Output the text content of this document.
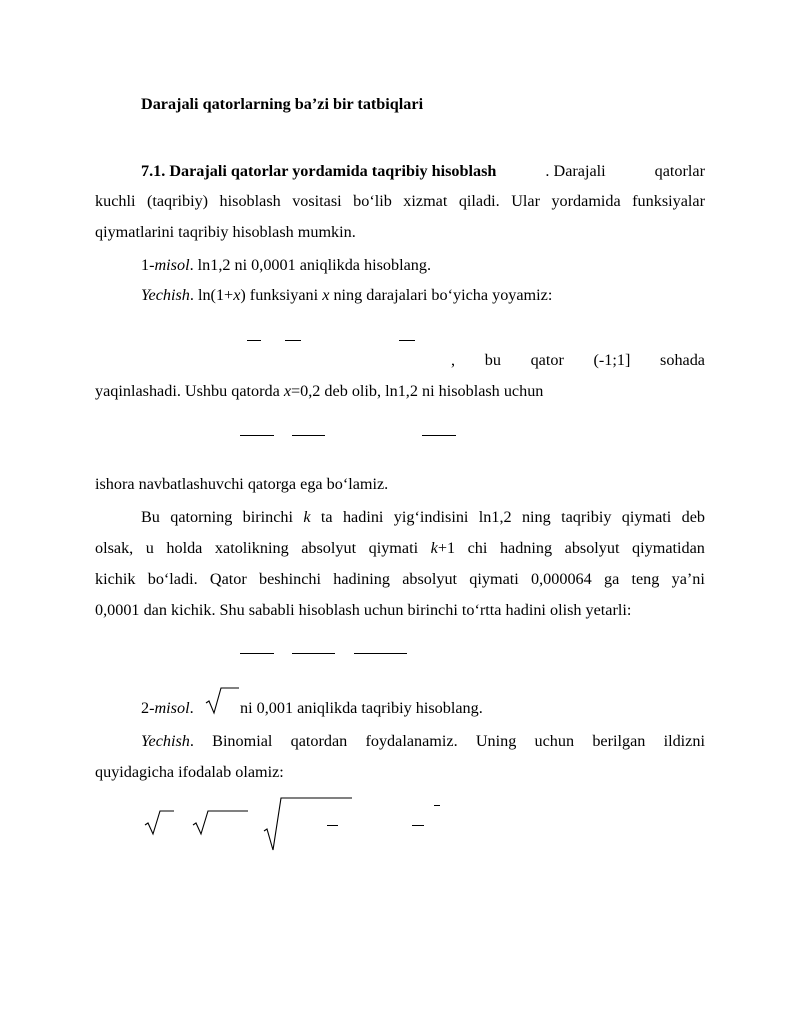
Darajali qatorlarning ba’zi bir tatbiqlari
7.1. Darajali qatorlar yordamida taqribiy hisoblash	. Darajali	qatorlar
kuchli (taqribiy) hisoblash vositasi bo‘lib xizmat qiladi. Ular yordamida funksiyalar
qiymatlarini taqribiy hisoblash mumkin.
1-misol. ln1,2 ni 0,0001 aniqlikda hisoblang.
Yechish. ln(1+x) funksiyani x ning darajalari bo‘yicha yoyamiz:
, bu qator (-1;1] sohada
yaqinlashadi. Ushbu qatorda x=0,2 deb olib, ln1,2 ni hisoblash uchun
ishora navbatlashuvchi qatorga ega bo‘lamiz.
Bu qatorning birinchi k ta hadini yig‘indisini ln1,2 ning taqribiy qiymati deb
olsak, u holda xatolikning absolyut qiymati k+1 chi hadning absolyut qiymatidan
kichik bo‘ladi. Qator beshinchi hadining absolyut qiymati 0,000064 ga teng ya’ni
0,0001 dan kichik. Shu sababli hisoblash uchun birinchi to‘rtta hadini olish yetarli:
2-misol.	ni 0,001 aniqlikda taqribiy hisoblang.
Yechish. Binomial qatordan foydalanamiz. Uning uchun berilgan ildizni
quyidagicha ifodalab olamiz:
